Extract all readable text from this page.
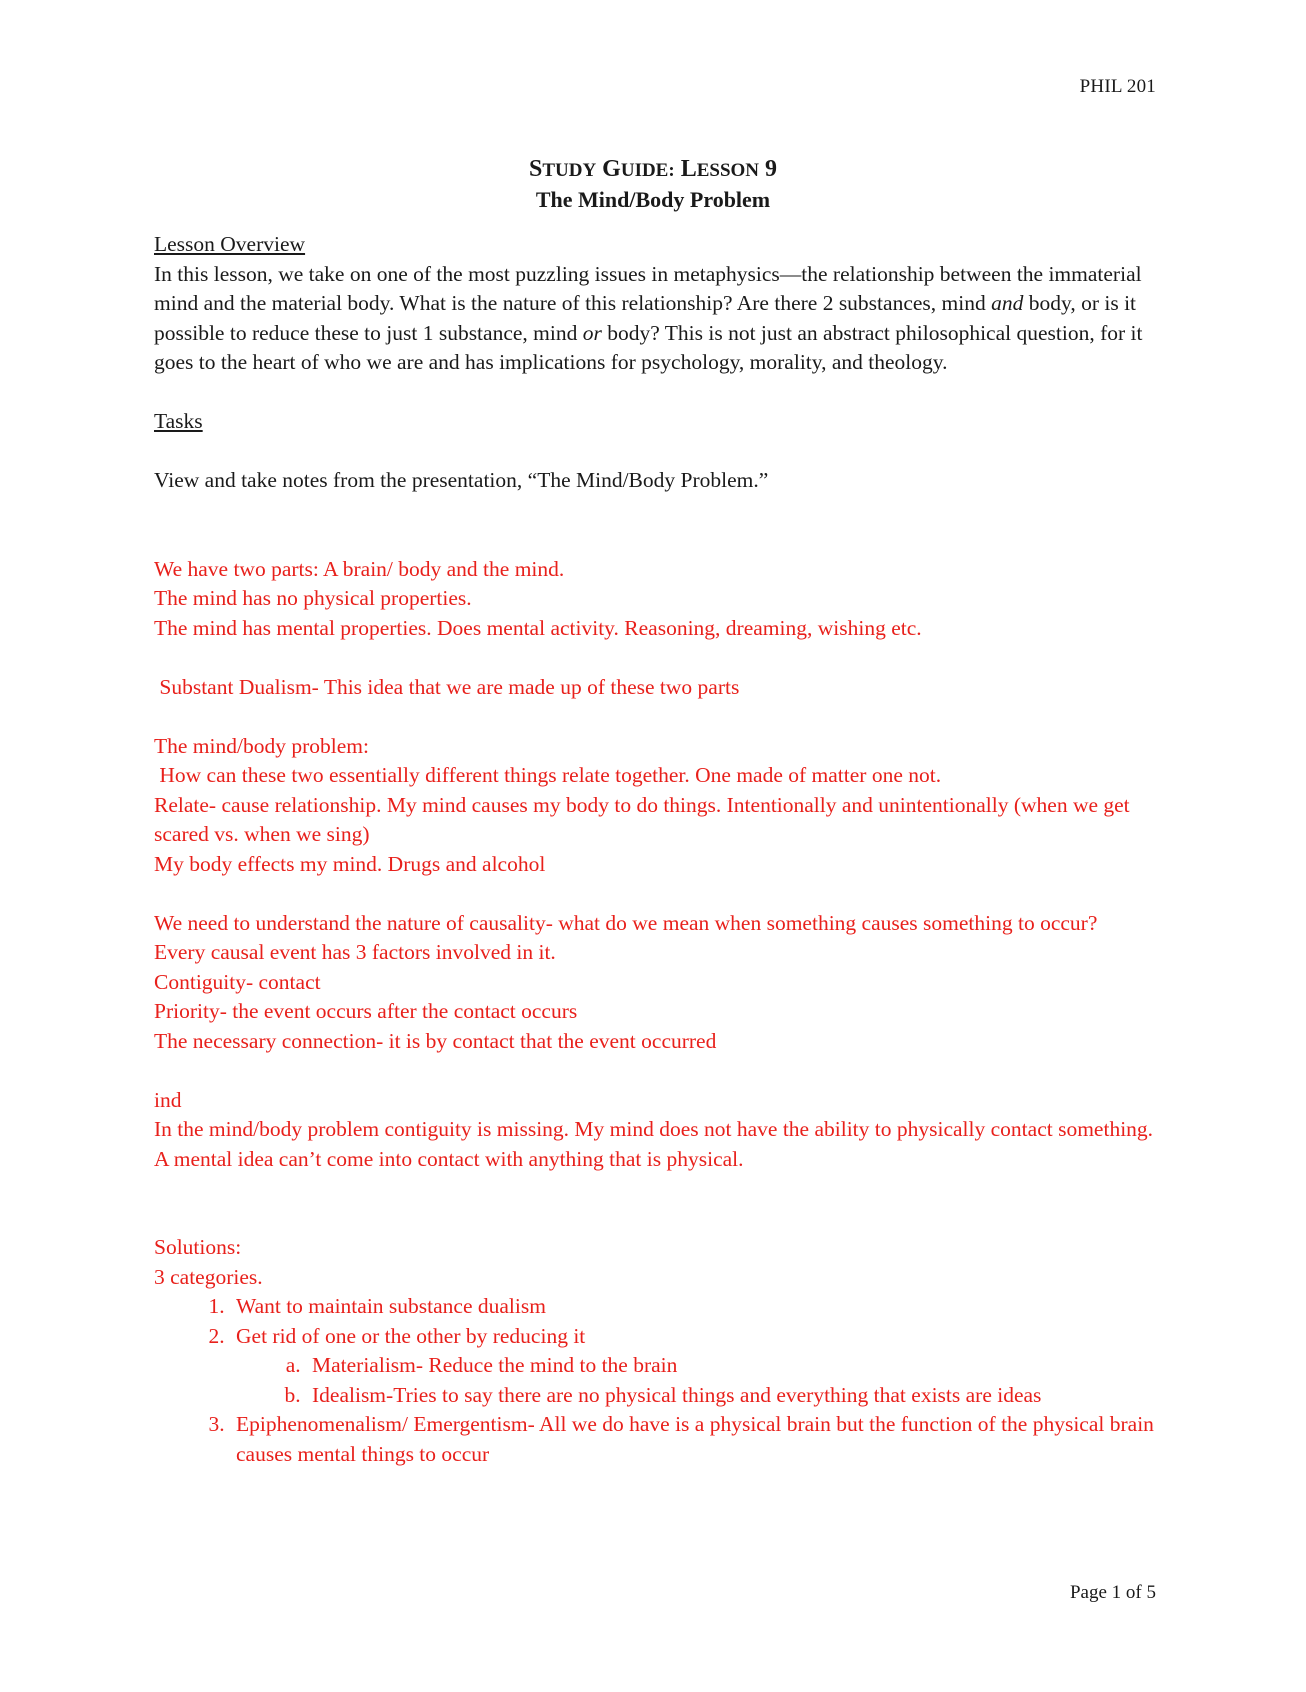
PHIL 201

STUDY GUIDE: LESSON 9

The Mind/Body Problem

Lesson Overview

In this lesson, we take on one of the most puzzling issues in metaphysics—the relationship between the immaterial mind and the material body. What is the nature of this relationship? Are there 2 substances, mind and body, or is it possible to reduce these to just 1 substance, mind or body? This is not just an abstract philosophical question, for it goes to the heart of who we are and has implications for psychology, morality, and theology.

Tasks

View and take notes from the presentation, “The Mind/Body Problem.”

We have two parts: A brain/ body and the mind.

The mind has no physical properties.

The mind has mental properties. Does mental activity. Reasoning, dreaming, wishing etc.

Substant Dualism- This idea that we are made up of these two parts

The mind/body problem:

How can these two essentially different things relate together. One made of matter one not.

Relate- cause relationship. My mind causes my body to do things. Intentionally and unintentionally (when we get scared vs. when we sing)

My body effects my mind. Drugs and alcohol

We need to understand the nature of causality- what do we mean when something causes something to occur? Every causal event has 3 factors involved in it.

Contiguity- contact

Priority- the event occurs after the contact occurs

The necessary connection- it is by contact that the event occurred

ind

In the mind/body problem contiguity is missing. My mind does not have the ability to physically contact something. A mental idea can’t come into contact with anything that is physical.

Solutions:

3 categories.

1. Want to maintain substance dualism
2. Get rid of one or the other by reducing it
a. Materialism- Reduce the mind to the brain
b. Idealism-Tries to say there are no physical things and everything that exists are ideas
3. Epiphenomenalism/ Emergentism- All we do have is a physical brain but the function of the physical brain causes mental things to occur
Page 1 of 5
